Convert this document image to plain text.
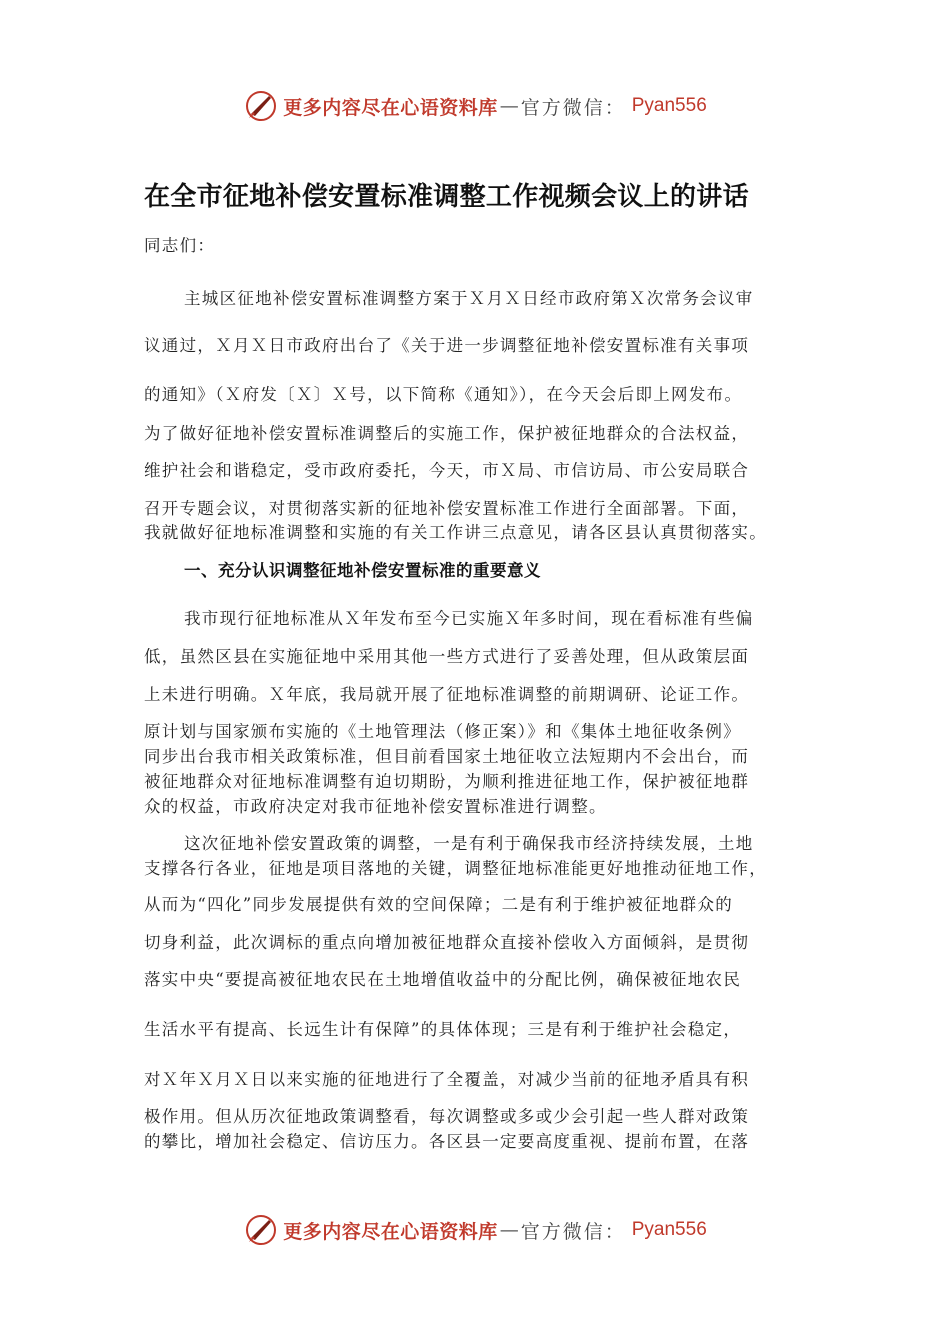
更多内容尽在心语资料库 — 官方微信： Pyan556
在全市征地补偿安置标准调整工作视频会议上的讲话
同志们：
主城区征地补偿安置标准调整方案于Ｘ月Ｘ日经市政府第Ｘ次常务会议审
议通过，Ｘ月Ｘ日市政府出台了《关于进一步调整征地补偿安置标准有关事项
的通知》（Ｘ府发〔Ｘ〕Ｘ号，以下简称《通知》），在今天会后即上网发布。
为了做好征地补偿安置标准调整后的实施工作，保护被征地群众的合法权益，
维护社会和谐稳定，受市政府委托，今天，市Ｘ局、市信访局、市公安局联合
召开专题会议，对贯彻落实新的征地补偿安置标准工作进行全面部署。下面，
我就做好征地标准调整和实施的有关工作讲三点意见，请各区县认真贯彻落实。
一、充分认识调整征地补偿安置标准的重要意义
我市现行征地标准从Ｘ年发布至今已实施Ｘ年多时间，现在看标准有些偏
低，虽然区县在实施征地中采用其他一些方式进行了妥善处理，但从政策层面
上未进行明确。Ｘ年底，我局就开展了征地标准调整的前期调研、论证工作。
原计划与国家颁布实施的《土地管理法（修正案）》和《集体土地征收条例》
同步出台我市相关政策标准，但目前看国家土地征收立法短期内不会出台，而
被征地群众对征地标准调整有迫切期盼，为顺利推进征地工作，保护被征地群
众的权益，市政府决定对我市征地补偿安置标准进行调整。
这次征地补偿安置政策的调整，一是有利于确保我市经济持续发展，土地
支撑各行各业，征地是项目落地的关键，调整征地标准能更好地推动征地工作，
从而为“四化”同步发展提供有效的空间保障；二是有利于维护被征地群众的
切身利益，此次调标的重点向增加被征地群众直接补偿收入方面倾斜，是贯彻
落实中央“要提高被征地农民在土地增值收益中的分配比例，确保被征地农民
生活水平有提高、长远生计有保障”的具体体现；三是有利于维护社会稳定，
对Ｘ年Ｘ月Ｘ日以来实施的征地进行了全覆盖，对减少当前的征地矛盾具有积
极作用。但从历次征地政策调整看，每次调整或多或少会引起一些人群对政策
的攀比，增加社会稳定、信访压力。各区县一定要高度重视、提前布置，在落
更多内容尽在心语资料库 — 官方微信： Pyan556
